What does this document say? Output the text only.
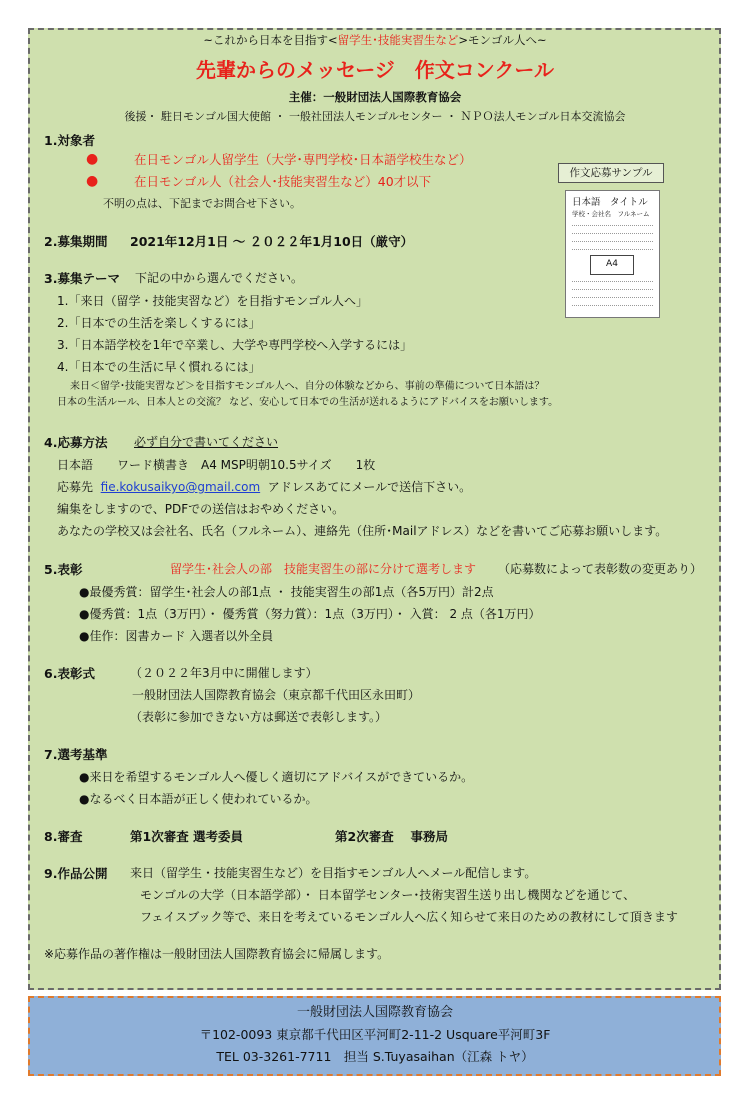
~これから日本を目指す<留学生･技能実習生など>モンゴル人へ~
先輩からのメッセージ　作文コンクール
主催：一般財団法人国際教育協会
後援・ 駐日モンゴル国大使館 ・ 一般社団法人モンゴルセンター ・ ＮＰＯ法人モンゴル日本交流協会
1.対象者
●	在日モンゴル人留学生（大学･専門学校･日本語学校生など）
●	在日モンゴル人（社会人･技能実習生など）40才以下
不明の点は、下記までお問合せ下さい。
作文応募サンプル
日本語　タイトル
学校・会社名　フルネーム
A4
2.募集期間 2021年12月1日 ～ ２０２２年1月10日（厳守）
3.募集テーマ 下記の中から選んでください。
1.「来日（留学・技能実習など）を目指すモンゴル人へ」
2.「日本での生活を楽しくするには」
3.「日本語学校を1年で卒業し、大学や専門学校へ入学するには」
4.「日本での生活に早く慣れるには」
来日＜留学･技能実習など＞を目指すモンゴル人へ、自分の体験などから、事前の準備について日本語は？
日本の生活ルール、日本人との交流？ など、安心して日本での生活が送れるようにアドバイスをお願いします。
4.応募方法 必ず自分で書いてください
日本語　　ワード横書き　A4 MSP明朝10.5サイズ　　1枚
応募先 fie.kokusaikyo@gmail.com アドレスあてにメールで送信下さい。
編集をしますので、PDFでの送信はおやめください。
あなたの学校又は会社名、氏名（フルネーム）、連絡先（住所･Mailアドレス）などを書いてご応募お願いします。
5.表彰	留学生･社会人の部　技能実習生の部に分けて選考します （応募数によって表彰数の変更あり）
●最優秀賞：留学生･社会人の部1点 ・ 技能実習生の部1点（各5万円）計2点
●優秀賞：1点（3万円）・ 優秀賞（努力賞）：1点（3万円）・ 入賞： 2 点（各1万円）
●佳作：図書カード 入選者以外全員
6.表彰式	（２０２２年3月中に開催します）
一般財団法人国際教育協会（東京都千代田区永田町）
（表彰に参加できない方は郵送で表彰します。）
7.選考基準
●来日を希望するモンゴル人へ優しく適切にアドバイスができているか。
●なるべく日本語が正しく使われているか。
8.審査	第1次審査 選考委員	第2次審査　 事務局
9.作品公開 来日（留学生・技能実習生など）を目指すモンゴル人へメール配信します。
モンゴルの大学（日本語学部）・ 日本留学センター･技術実習生送り出し機関などを通じて、
フェイスブック等で、来日を考えているモンゴル人へ広く知らせて来日のための教材にして頂きます
※応募作品の著作権は一般財団法人国際教育協会に帰属します。
一般財団法人国際教育協会
〒102-0093 東京都千代田区平河町2-11-2 Usquare平河町3F
TEL 03-3261-7711　担当 S.Tuyasaihan（江森 トヤ）
